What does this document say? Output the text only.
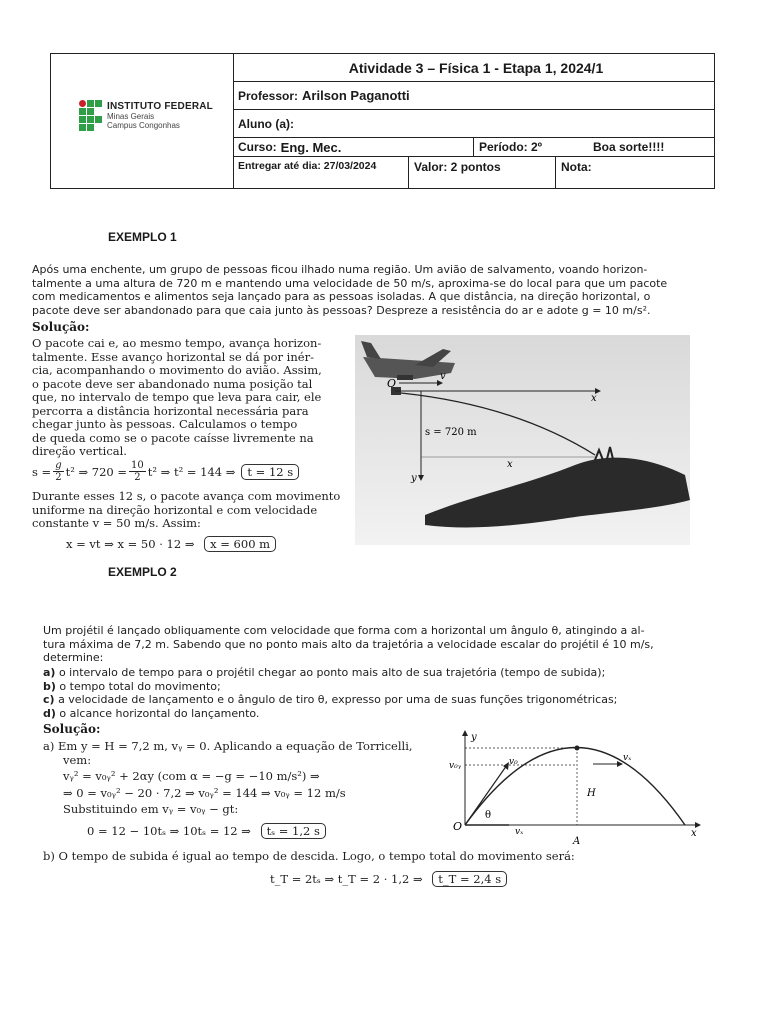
INSTITUTO FEDERAL
Minas Gerais
Campus Congonhas
Atividade 3 – Física 1 - Etapa 1, 2024/1
Professor: Arilson Paganotti
Aluno (a):
Curso: Eng. Mec.	Período: 2º	Boa sorte!!!!
Entregar até dia: 27/03/2024	Valor: 2 pontos	Nota:
EXEMPLO 1
Após uma enchente, um grupo de pessoas ficou ilhado numa região. Um avião de salvamento, voando horizon-
talmente a uma altura de 720 m e mantendo uma velocidade de 50 m/s, aproxima-se do local para que um pacote
com medicamentos e alimentos seja lançado para as pessoas isoladas. A que distância, na direção horizontal, o
pacote deve ser abandonado para que caia junto às pessoas? Despreze a resistência do ar e adote g = 10 m/s².
Solução:
O pacote cai e, ao mesmo tempo, avança horizon-
talmente. Esse avanço horizontal se dá por inér-
cia, acompanhando o movimento do avião. Assim,
o pacote deve ser abandonado numa posição tal
que, no intervalo de tempo que leva para cair, ele
percorra a distância horizontal necessária para
chegar junto às pessoas. Calculamos o tempo
de queda como se o pacote caísse livremente na
direção vertical.
$s = \frac{g}{2} t^2$ ⇒ $720 = \frac{10}{2} t^2$ ⇒ t² = 144 ⇒	t = 12 s
Durante esses 12 s, o pacote avança com movimento
uniforme na direção horizontal e com velocidade
constante v = 50 m/s. Assim:
x = vt ⇒ x = 50 · 12 ⇒ x = 600 m
O
v
x
y
s = 720 m
x
EXEMPLO 2
Um projétil é lançado obliquamente com velocidade que forma com a horizontal um ângulo θ, atingindo a al-
tura máxima de 7,2 m. Sabendo que no ponto mais alto da trajetória a velocidade escalar do projétil é 10 m/s,
determine:
a) o intervalo de tempo para o projétil chegar ao ponto mais alto de sua trajetória (tempo de subida);
b) o tempo total do movimento;
c) a velocidade de lançamento e o ângulo de tiro θ, expresso por uma de suas funções trigonométricas;
d) o alcance horizontal do lançamento.
Solução:
a) Em y = H = 7,2 m, vᵧ = 0. Aplicando a equação de Torricelli,
vem:
vᵧ² = v₀ᵧ² + 2αy (com α = −g = −10 m/s²) ⇒
⇒ 0 = v₀ᵧ² − 20 · 7,2 ⇒ v₀ᵧ² = 144 ⇒ v₀ᵧ = 12 m/s
Substituindo em vᵧ = v₀ᵧ − gt:
0 = 12 − 10tₛ ⇒ 10tₛ = 12 ⇒ tₛ = 1,2 s
b) O tempo de subida é igual ao tempo de descida. Logo, o tempo total do movimento será:
t_T = 2tₛ ⇒ t_T = 2 · 1,2 ⇒ t_T = 2,4 s
v₀ᵧ	v₀	vₓ
vₓ
y
x
O
θ
H
A
